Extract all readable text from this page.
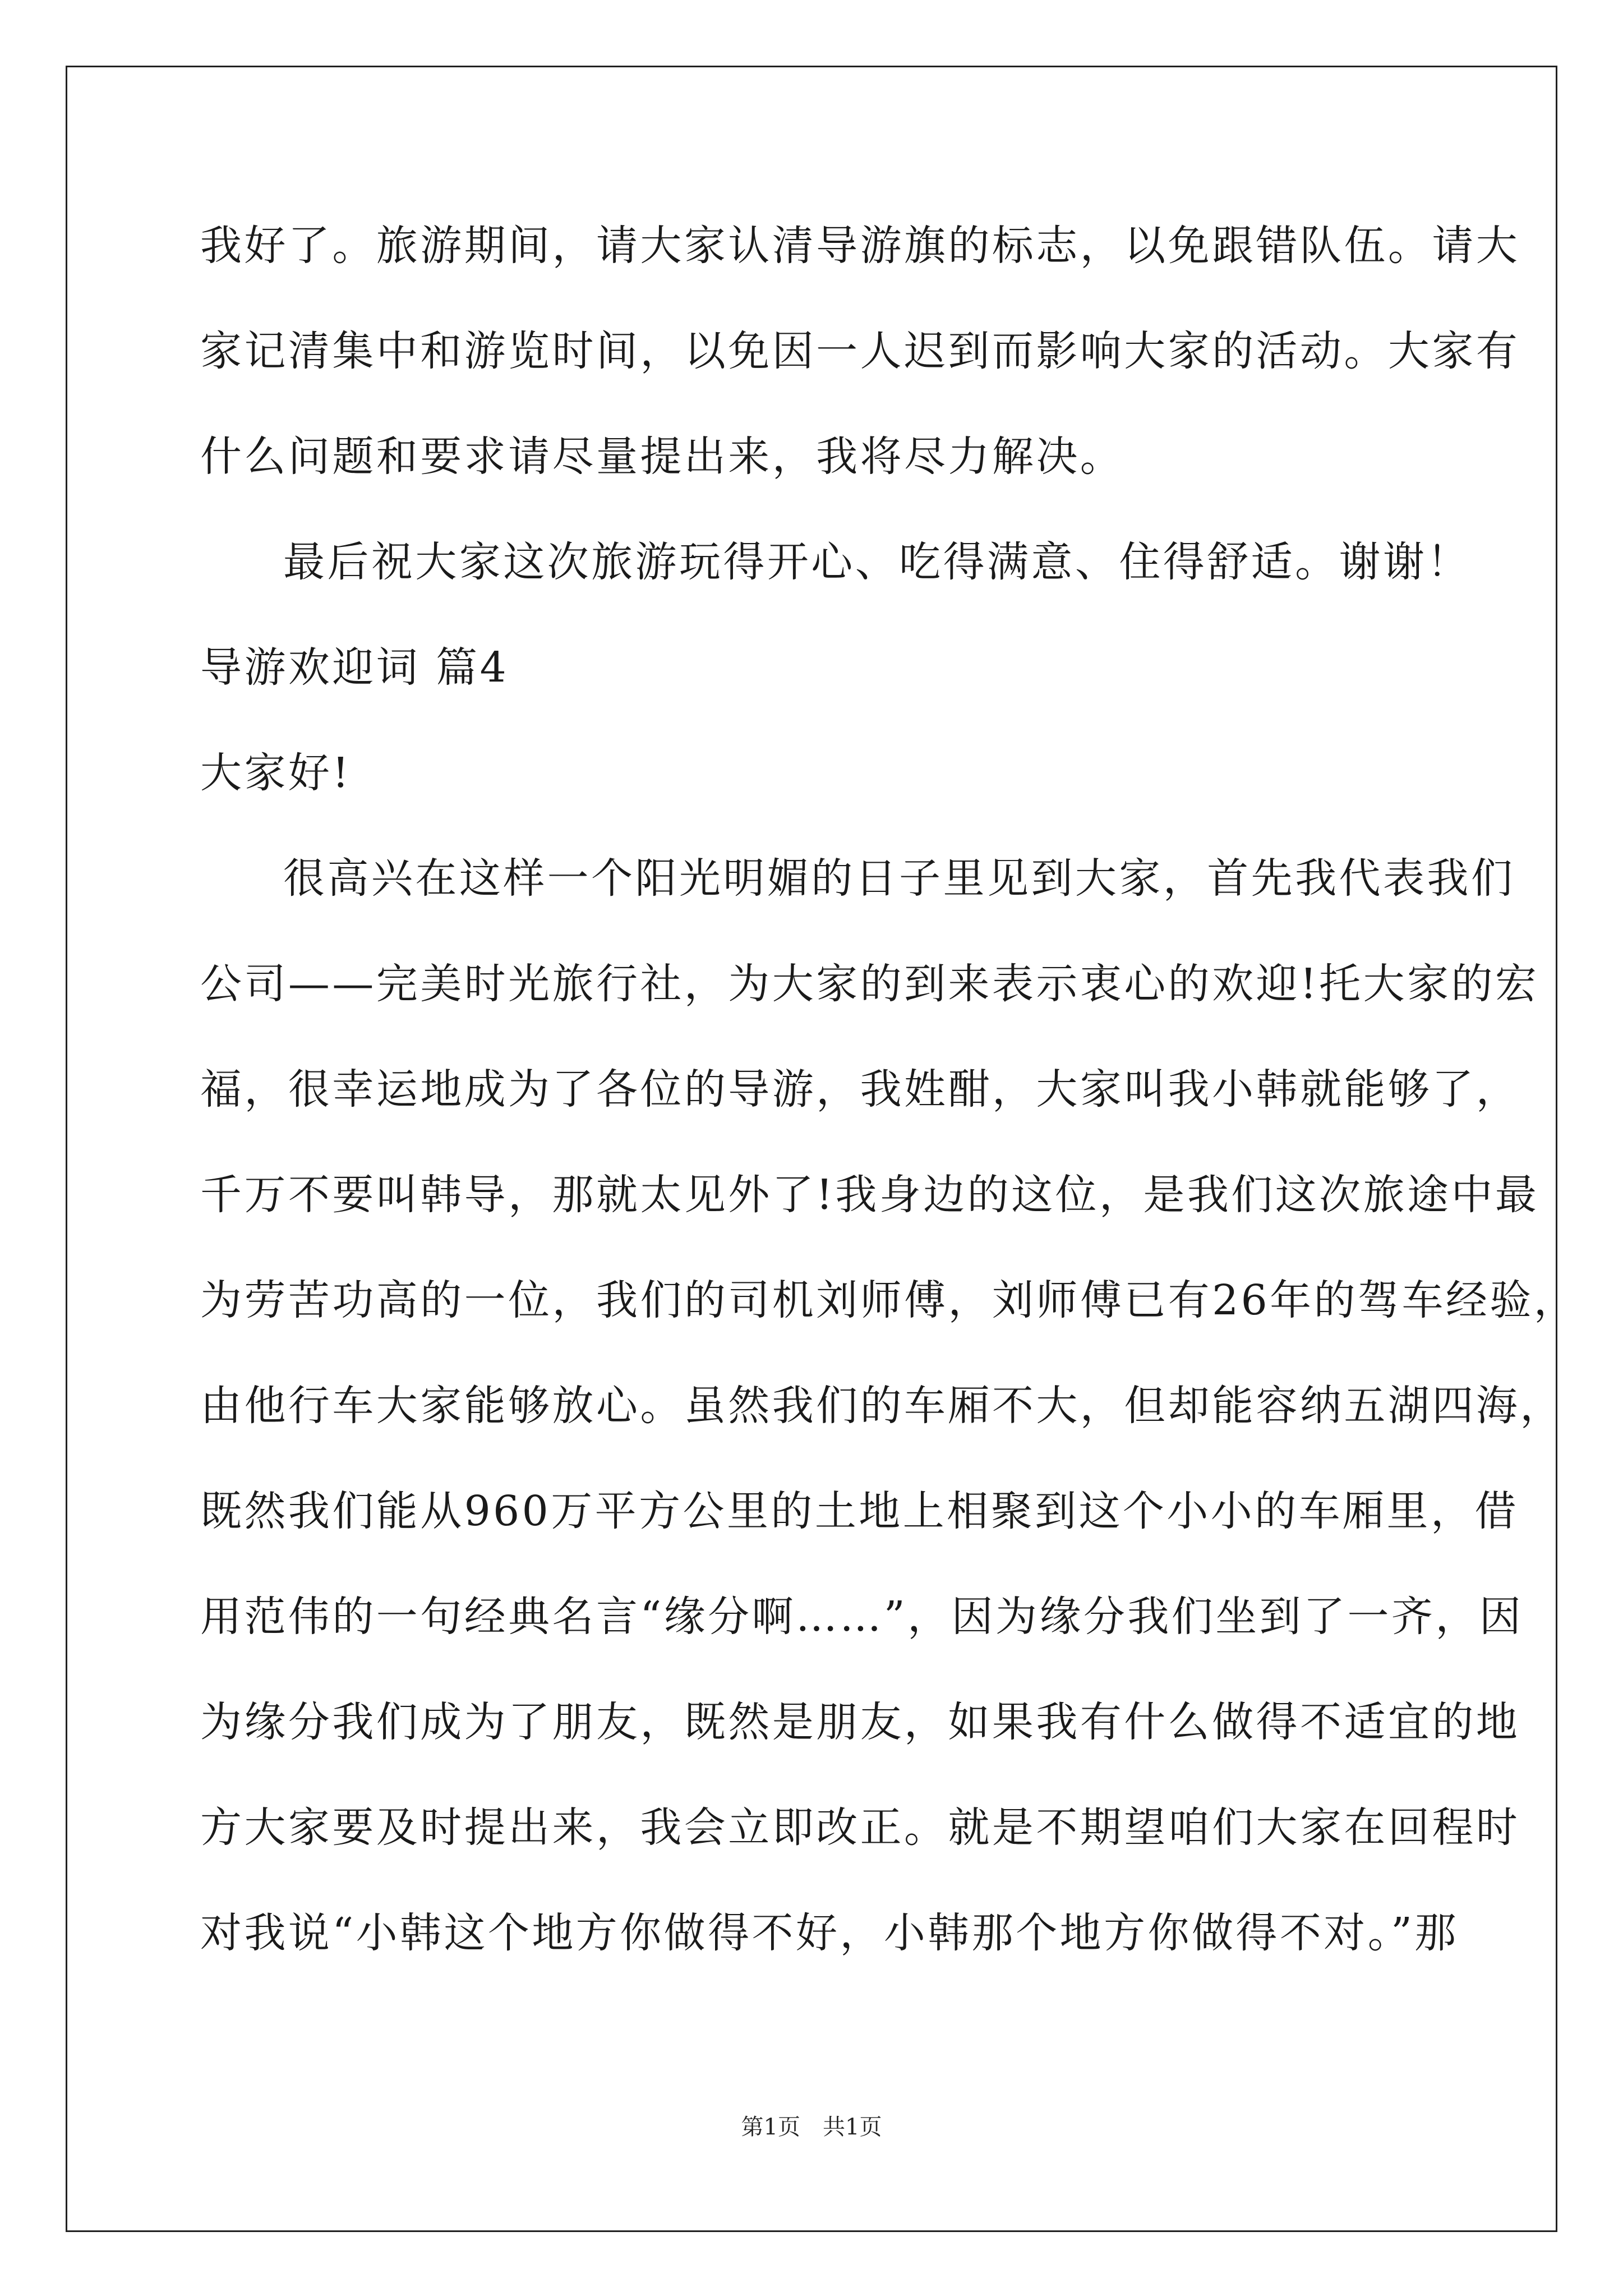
我好了。旅游期间，请大家认清导游旗的标志，以免跟错队伍。请大
家记清集中和游览时间，以免因一人迟到而影响大家的活动。大家有
什么问题和要求请尽量提出来，我将尽力解决。
最后祝大家这次旅游玩得开心、吃得满意、住得舒适。谢谢！
导游欢迎词 篇4
大家好!
很高兴在这样一个阳光明媚的日子里见到大家，首先我代表我们
公司——完美时光旅行社，为大家的到来表示衷心的欢迎!托大家的宏
福，很幸运地成为了各位的导游，我姓酣，大家叫我小韩就能够了，
千万不要叫韩导，那就太见外了!我身边的这位，是我们这次旅途中最
为劳苦功高的一位，我们的司机刘师傅，刘师傅已有26年的驾车经验，
由他行车大家能够放心。虽然我们的车厢不大，但却能容纳五湖四海，
既然我们能从960万平方公里的土地上相聚到这个小小的车厢里，借
用范伟的一句经典名言“缘分啊……”，因为缘分我们坐到了一齐，因
为缘分我们成为了朋友，既然是朋友，如果我有什么做得不适宜的地
方大家要及时提出来，我会立即改正。就是不期望咱们大家在回程时
对我说“小韩这个地方你做得不好，小韩那个地方你做得不对。”那
第1页　共1页
